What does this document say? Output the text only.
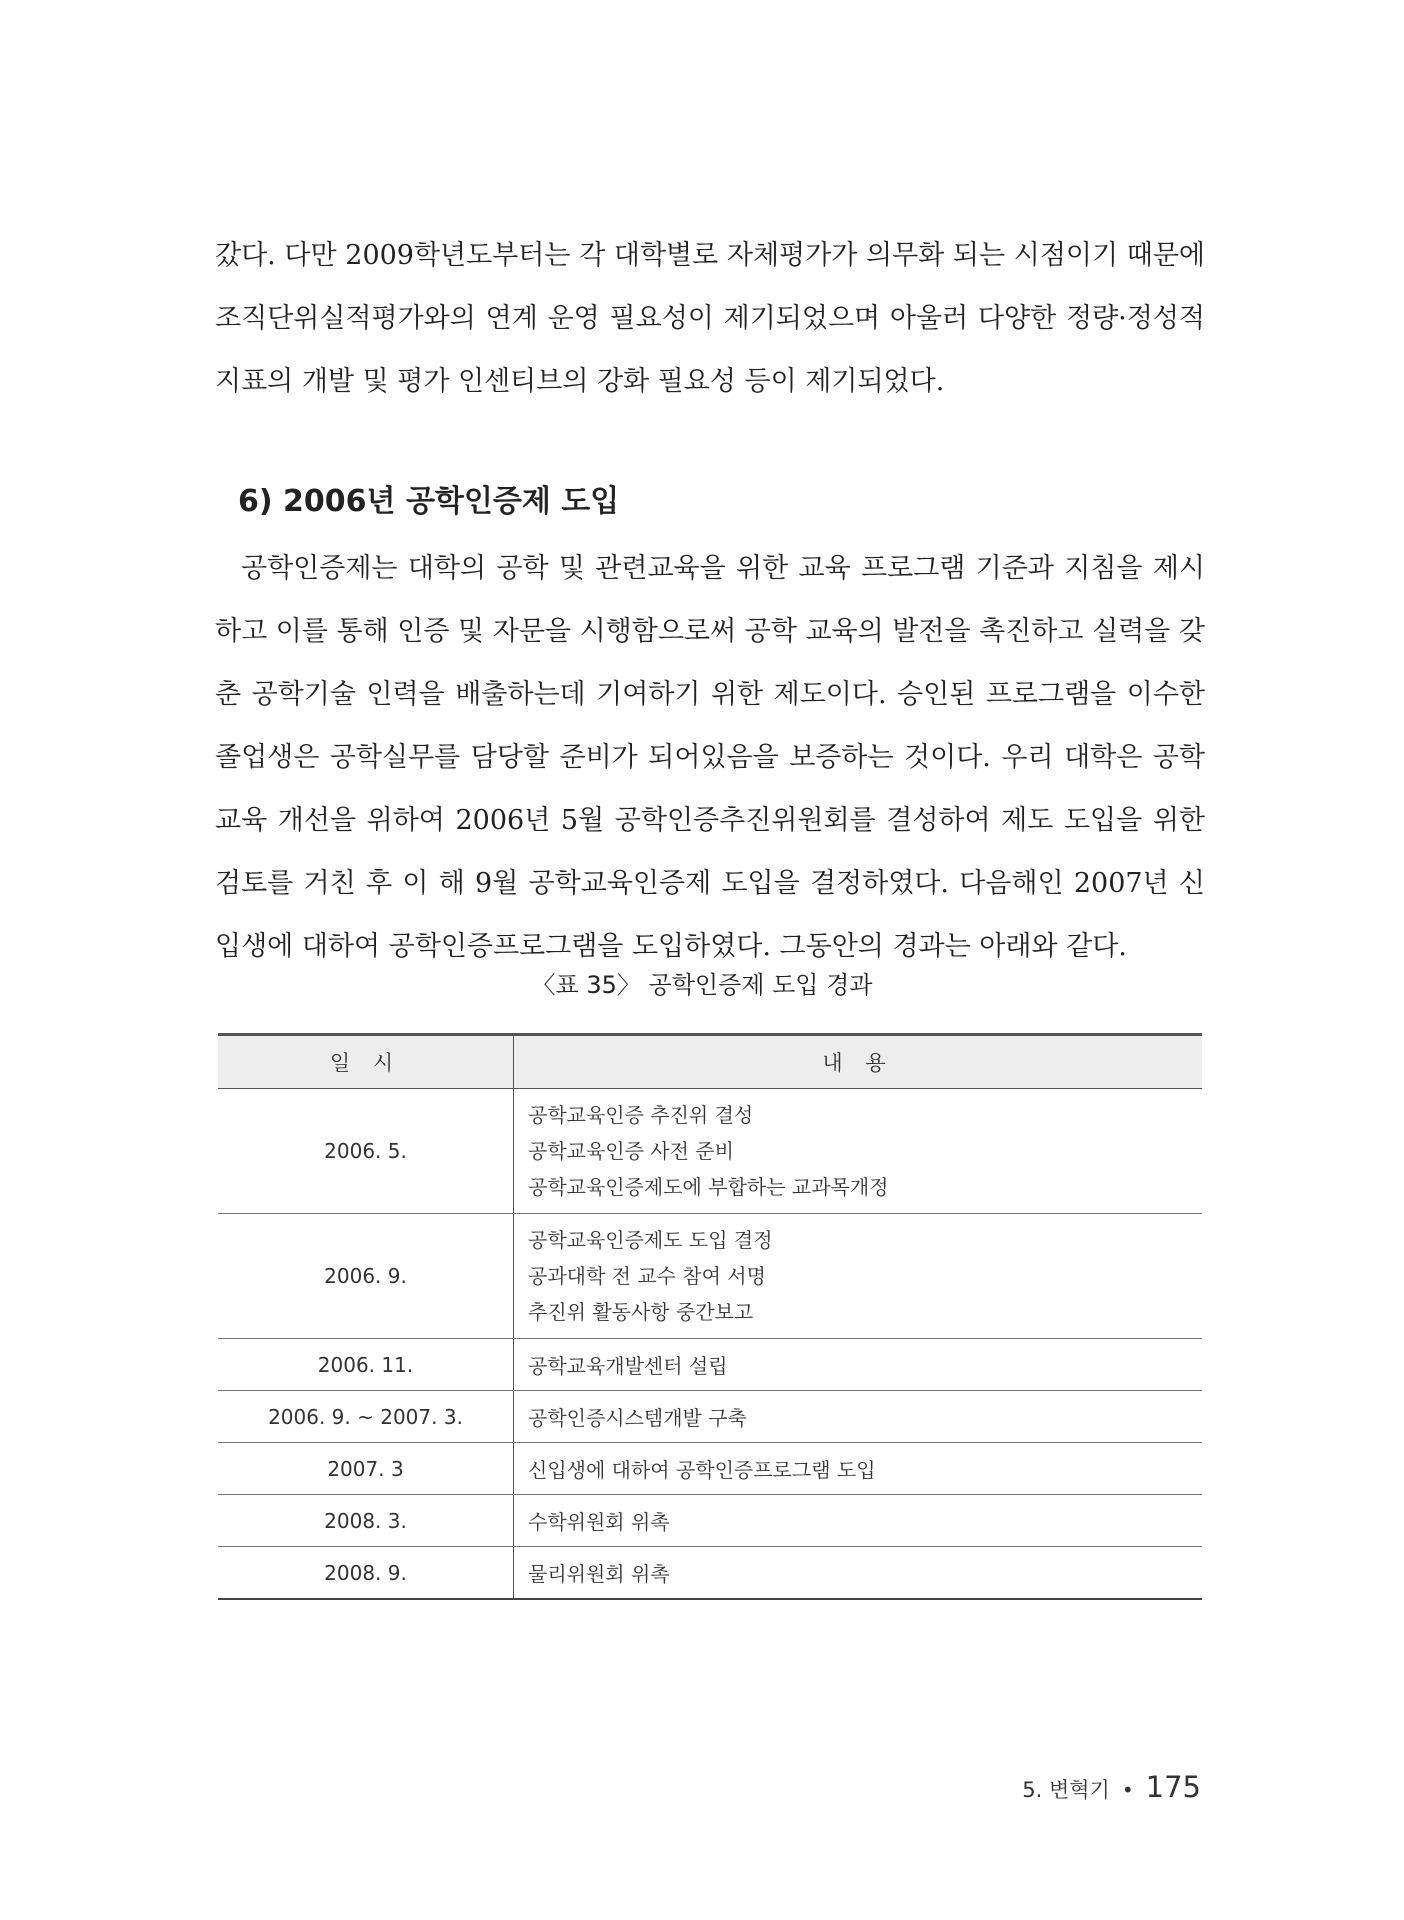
갔다. 다만 2009학년도부터는 각 대학별로 자체평가가 의무화 되는 시점이기 때문에 조직단위실적평가와의 연계 운영 필요성이 제기되었으며 아울러 다양한 정량·정성적 지표의 개발 및 평가 인센티브의 강화 필요성 등이 제기되었다.

6) 2006년 공학인증제 도입

공학인증제는 대학의 공학 및 관련교육을 위한 교육 프로그램 기준과 지침을 제시하고 이를 통해 인증 및 자문을 시행함으로써 공학 교육의 발전을 촉진하고 실력을 갖춘 공학기술 인력을 배출하는데 기여하기 위한 제도이다. 승인된 프로그램을 이수한 졸업생은 공학실무를 담당할 준비가 되어있음을 보증하는 것이다. 우리 대학은 공학교육 개선을 위하여 2006년 5월 공학인증추진위원회를 결성하여 제도 도입을 위한 검토를 거친 후 이 해 9월 공학교육인증제 도입을 결정하였다. 다음해인 2007년 신입생에 대하여 공학인증프로그램을 도입하였다. 그동안의 경과는 아래와 같다.

〈표 35〉 공학인증제 도입 경과
일 시	내 용
2006. 5.	공학교육인증 추진위 결성
공학교육인증 사전 준비
공학교육인증제도에 부합하는 교과목개정

2006. 9.	공학교육인증제도 도입 결정
공과대학 전 교수 참여 서명
추진위 활동사항 중간보고

2006. 11.	공학교육개발센터 설립
2006. 9. ~ 2007. 3.	공학인증시스템개발 구축
2007. 3	신입생에 대하여 공학인증프로그램 도입
2008. 3.	수학위원회 위촉
2008. 9.	물리위원회 위촉
5. 변혁기 • 175
